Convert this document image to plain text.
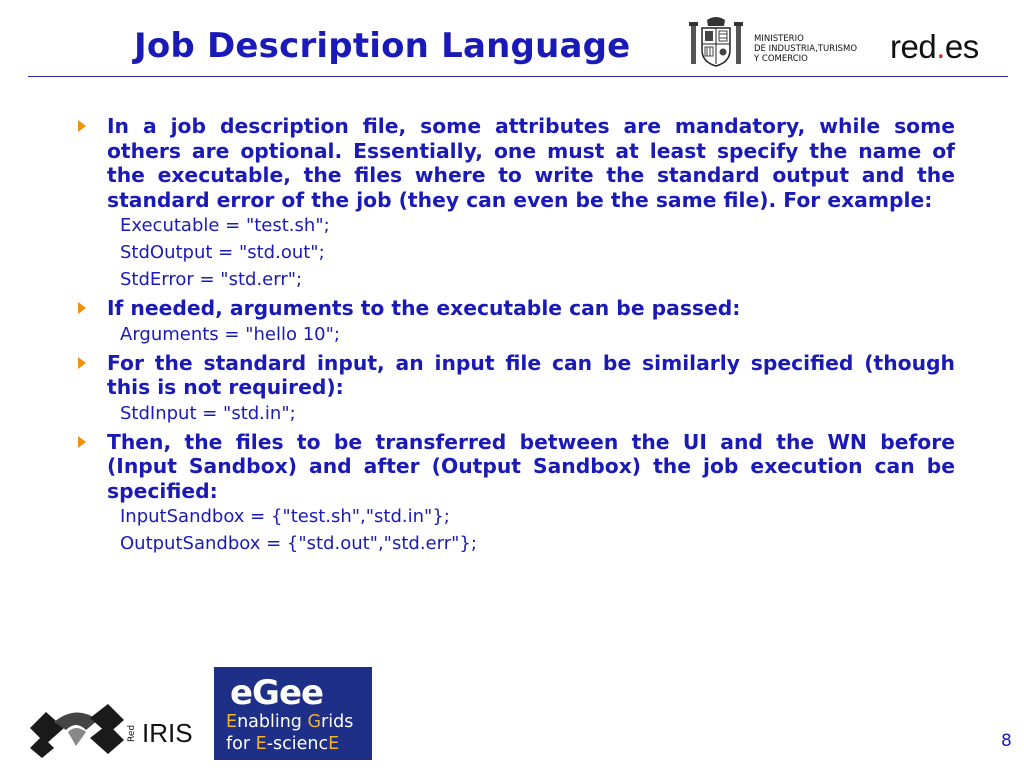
Job Description Language	MINISTERIO
DE INDUSTRIA,TURISMO
Y COMERCIO	red.es
In a job description file, some attributes are mandatory, while some others are optional. Essentially, one must at least specify the name of the executable, the files where to write the standard output and the standard error of the job (they can even be the same file). For example:
Executable = "test.sh";
StdOutput = "std.out";
StdError = "std.err";
If needed, arguments to the executable can be passed:
Arguments = "hello 10";
For the standard input, an input file can be similarly specified (though this is not required):
StdInput = "std.in";
Then, the files to be transferred between the UI and the WN before (Input Sandbox) and after (Output Sandbox) the job execution can be specified:
InputSandbox = {"test.sh","std.in"};
OutputSandbox = {"std.out","std.err"};
Red IRIS
eGee
Enabling Grids
for E-sciencE	8
